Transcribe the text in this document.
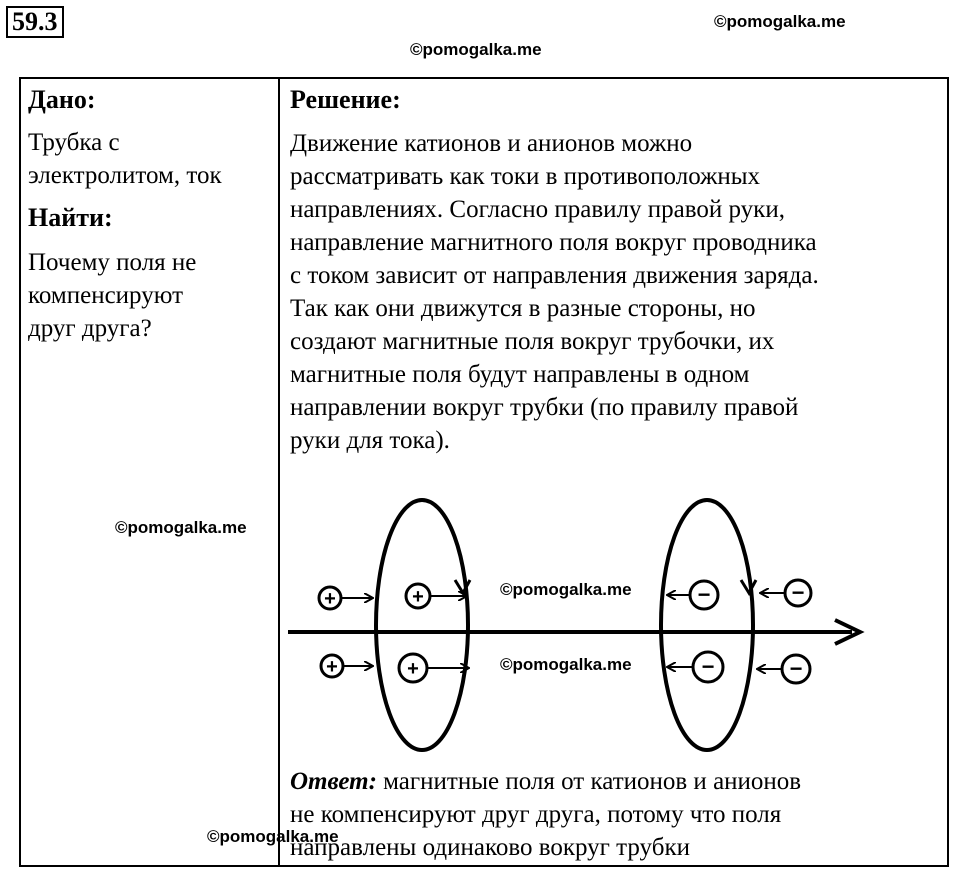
59.3	©pomogalka.me
©pomogalka.me
Дано:
Трубка с
электролитом, ток
Найти:
Почему поля не
компенсируют
друг друга?
©pomogalka.me
Решение:
Движение катионов и анионов можно
рассматривать как токи в противоположных
направлениях. Согласно правилу правой руки,
направление магнитного поля вокруг проводника
с током зависит от направления движения заряда.
Так как они движутся в разные стороны, но
создают магнитные поля вокруг трубочки, их
магнитные поля будут направлены в одном
направлении вокруг трубки (по правилу правой
руки для тока).
+	+
+	+
−	−
−	−
©pomogalka.me
©pomogalka.me
Ответ: магнитные поля от катионов и анионов
не компенсируют друг друга, потому что поля
направлены одинаково вокруг трубки
©pomogalka.me
